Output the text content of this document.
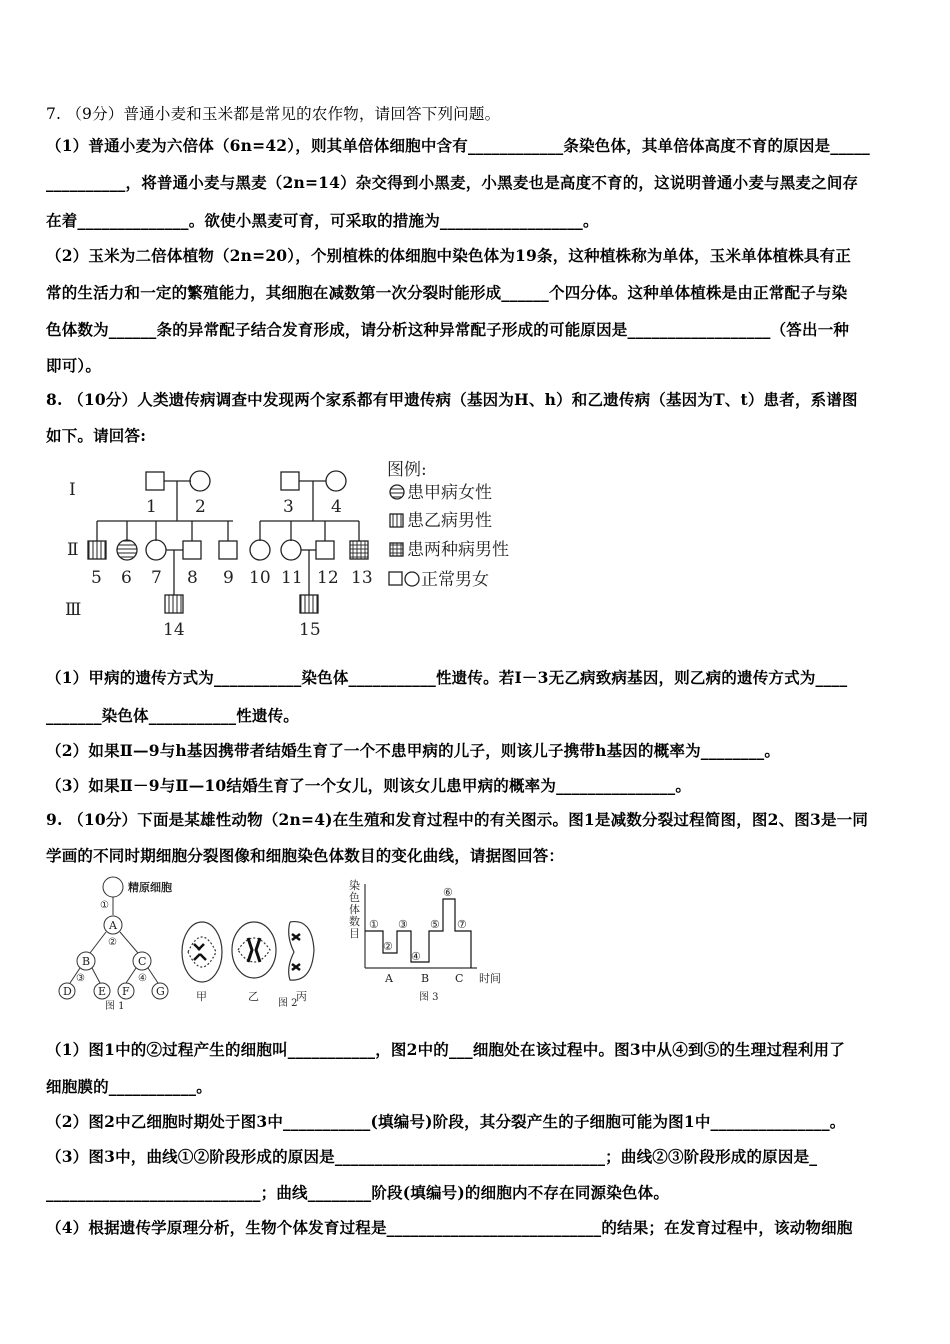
7. （9分）普通小麦和玉米都是常见的农作物，请回答下列问题。
（1）普通小麦为六倍体（6n=42），则其单倍体细胞中含有____________条染色体，其单倍体高度不育的原因是_____
__________，将普通小麦与黑麦（2n=14）杂交得到小黑麦，小黑麦也是高度不育的，这说明普通小麦与黑麦之间存
在着______________。欲使小黑麦可育，可采取的措施为__________________。
（2）玉米为二倍体植物（2n=20），个别植株的体细胞中染色体为19条，这种植株称为单体，玉米单体植株具有正
常的生活力和一定的繁殖能力，其细胞在减数第一次分裂时能形成______个四分体。这种单体植株是由正常配子与染
色体数为______条的异常配子结合发育形成，请分析这种异常配子形成的可能原因是__________________（答出一种
即可）。
8. （10分）人类遗传病调查中发现两个家系都有甲遗传病（基因为H、h）和乙遗传病（基因为T、t）患者，系谱图
如下。请回答:
Ⅰ
Ⅱ
Ⅲ
1 2
5 6 7 8 9
14
3 4
10 11 12 13
15
图例:
患甲病女性
患乙病男性
患两种病男性
正常男女
（1）甲病的遗传方式为___________染色体___________性遗传。若Ⅰ－3无乙病致病基因，则乙病的遗传方式为____
_______染色体___________性遗传。
（2）如果Ⅱ—9与h基因携带者结婚生育了一个不患甲病的儿子，则该儿子携带h基因的概率为________。
（3）如果Ⅱ－9与Ⅱ—10结婚生育了一个女儿，则该女儿患甲病的概率为_______________。
9. （10分）下面是某雄性动物（2n=4)在生殖和发育过程中的有关图示。图1是减数分裂过程简图，图2、图3是一同
学画的不同时期细胞分裂图像和细胞染色体数目的变化曲线，请据图回答：
精原细胞
①
A
②
B	C
③	④
D E F G
图 1
甲	乙	丙
图 2
染
色
体
数
目
①
②
③
④
⑤
⑥
⑦
A	B C 时间
图 3
（1）图1中的②过程产生的细胞叫___________，图2中的___细胞处在该过程中。图3中从④到⑤的生理过程利用了
细胞膜的___________。
（2）图2中乙细胞时期处于图3中___________(填编号)阶段，其分裂产生的子细胞可能为图1中_______________。
（3）图3中，曲线①②阶段形成的原因是__________________________________；曲线②③阶段形成的原因是_
___________________________；曲线________阶段(填编号)的细胞内不存在同源染色体。
（4）根据遗传学原理分析，生物个体发育过程是___________________________的结果；在发育过程中，该动物细胞
